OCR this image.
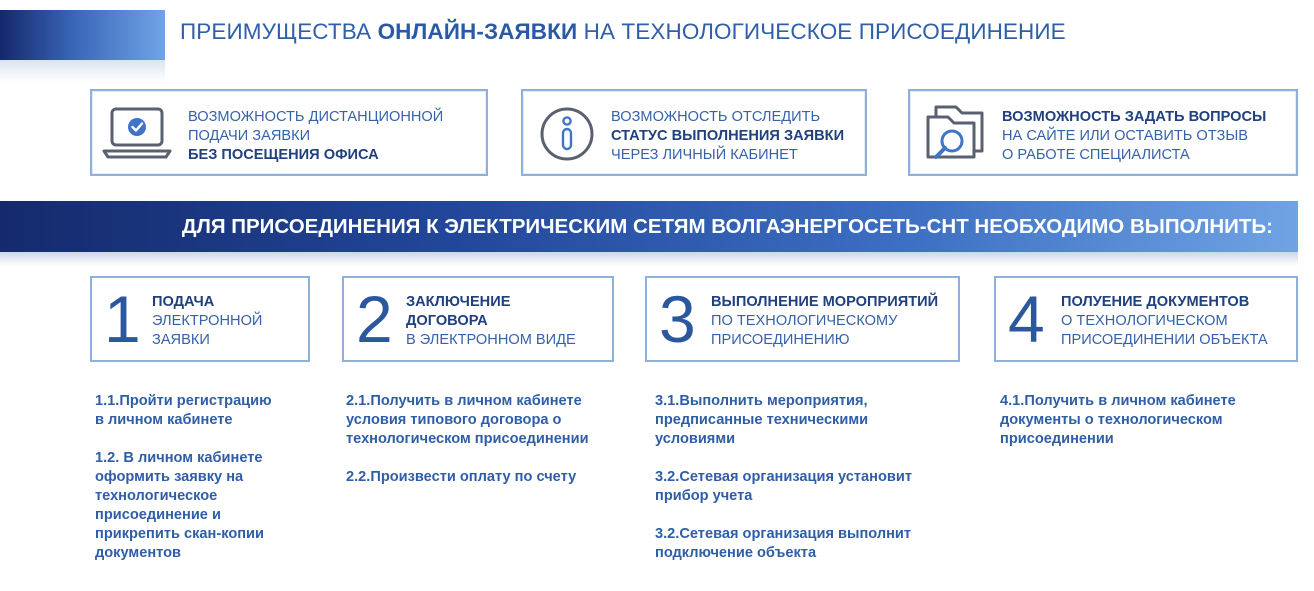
ПРЕИМУЩЕСТВА ОНЛАЙН-ЗАЯВКИ НА ТЕХНОЛОГИЧЕСКОЕ ПРИСОЕДИНЕНИЕ
ВОЗМОЖНОСТЬ ДИСТАНЦИОННОЙ
ПОДАЧИ ЗАЯВКИ
БЕЗ ПОСЕЩЕНИЯ ОФИСА
ВОЗМОЖНОСТЬ ОТСЛЕДИТЬ
СТАТУС ВЫПОЛНЕНИЯ ЗАЯВКИ
ЧЕРЕЗ ЛИЧНЫЙ КАБИНЕТ
ВОЗМОЖНОСТЬ ЗАДАТЬ ВОПРОСЫ
НА САЙТЕ ИЛИ ОСТАВИТЬ ОТЗЫВ
О РАБОТЕ СПЕЦИАЛИСТА
ДЛЯ ПРИСОЕДИНЕНИЯ К ЭЛЕКТРИЧЕСКИМ СЕТЯМ ВОЛГАЭНЕРГОСЕТЬ-СНТ НЕОБХОДИМО ВЫПОЛНИТЬ:
1 ПОДАЧА
ЭЛЕКТРОННОЙ
ЗАЯВКИ	2 ЗАКЛЮЧЕНИЕ
ДОГОВОРА
В ЭЛЕКТРОННОМ ВИДЕ 3 ВЫПОЛНЕНИЕ МОРОПРИЯТИЙ
ПО ТЕХНОЛОГИЧЕСКОМУ
ПРИСОЕДИНЕНИЮ	4 ПОЛУЕНИЕ ДОКУМЕНТОВ
О ТЕХНОЛОГИЧЕСКОМ
ПРИСОЕДИНЕНИИ ОБЪЕКТА

1.1.Пройти регистрацию
в личном кабинете

1.2. В личном кабинете
оформить заявку на
технологическое
присоединение и
прикрепить скан-копии
документов

2.1.Получить в личном кабинете
условия типового договора о
технологическом присоединении

2.2.Произвести оплату по счету

3.1.Выполнить мероприятия,
предписанные техническими
условиями

3.2.Сетевая организация установит
прибор учета

3.2.Сетевая организация выполнит
подключение объекта

4.1.Получить в личном кабинете
документы о технологическом
присоединении
